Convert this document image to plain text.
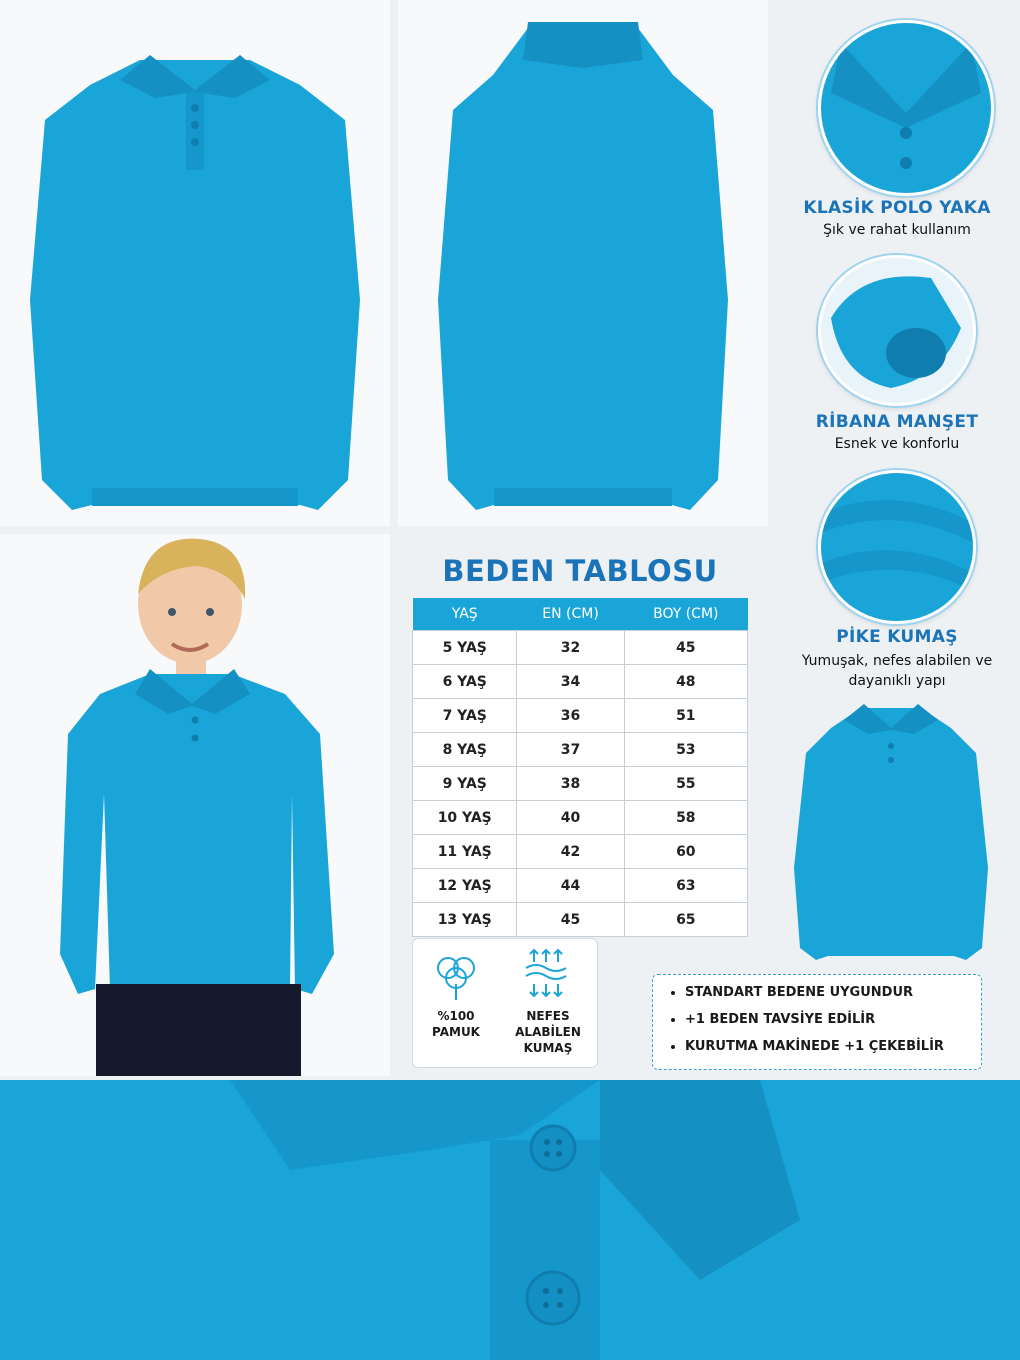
KLASİK POLO YAKA
Şık ve rahat kullanım
RİBANA MANŞET
Esnek ve konforlu
PİKE KUMAŞ
Yumuşak, nefes alabilen ve dayanıklı yapı
BEDEN TABLOSU
YAŞ	EN (CM)	BOY (CM)
5 YAŞ	32	45
6 YAŞ	34	48
7 YAŞ	36	51
8 YAŞ	37	53
9 YAŞ	38	55
10 YAŞ	40	58
11 YAŞ	42	60
12 YAŞ	44	63
13 YAŞ	45	65
%100 PAMUK
NEFES ALABİLEN KUMAŞ
• STANDART BEDENE UYGUNDUR
• +1 BEDEN TAVSİYE EDİLİR
• KURUTMA MAKİNEDE +1 ÇEKEBİLİR
